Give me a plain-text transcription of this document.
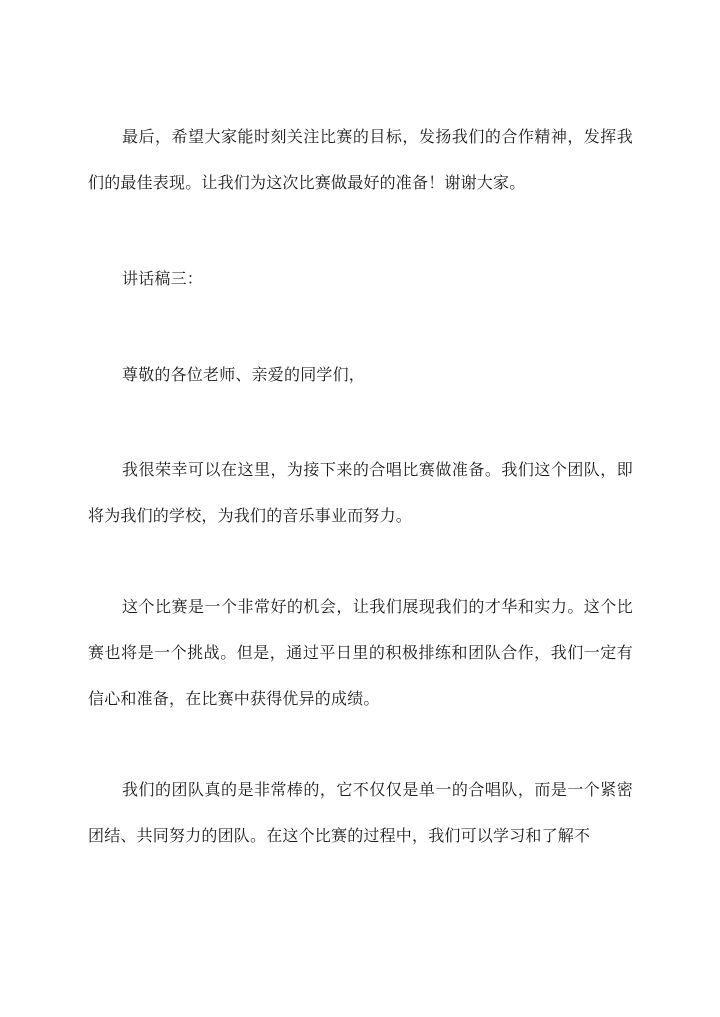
最后，希望大家能时刻关注比赛的目标，发扬我们的合作精神，发挥我们的最佳表现。让我们为这次比赛做最好的准备！谢谢大家。

讲话稿三：

尊敬的各位老师、亲爱的同学们，

我很荣幸可以在这里，为接下来的合唱比赛做准备。我们这个团队，即将为我们的学校，为我们的音乐事业而努力。

这个比赛是一个非常好的机会，让我们展现我们的才华和实力。这个比赛也将是一个挑战。但是，通过平日里的积极排练和团队合作，我们一定有信心和准备，在比赛中获得优异的成绩。

我们的团队真的是非常棒的，它不仅仅是单一的合唱队，而是一个紧密团结、共同努力的团队。在这个比赛的过程中，我们可以学习和了解不
